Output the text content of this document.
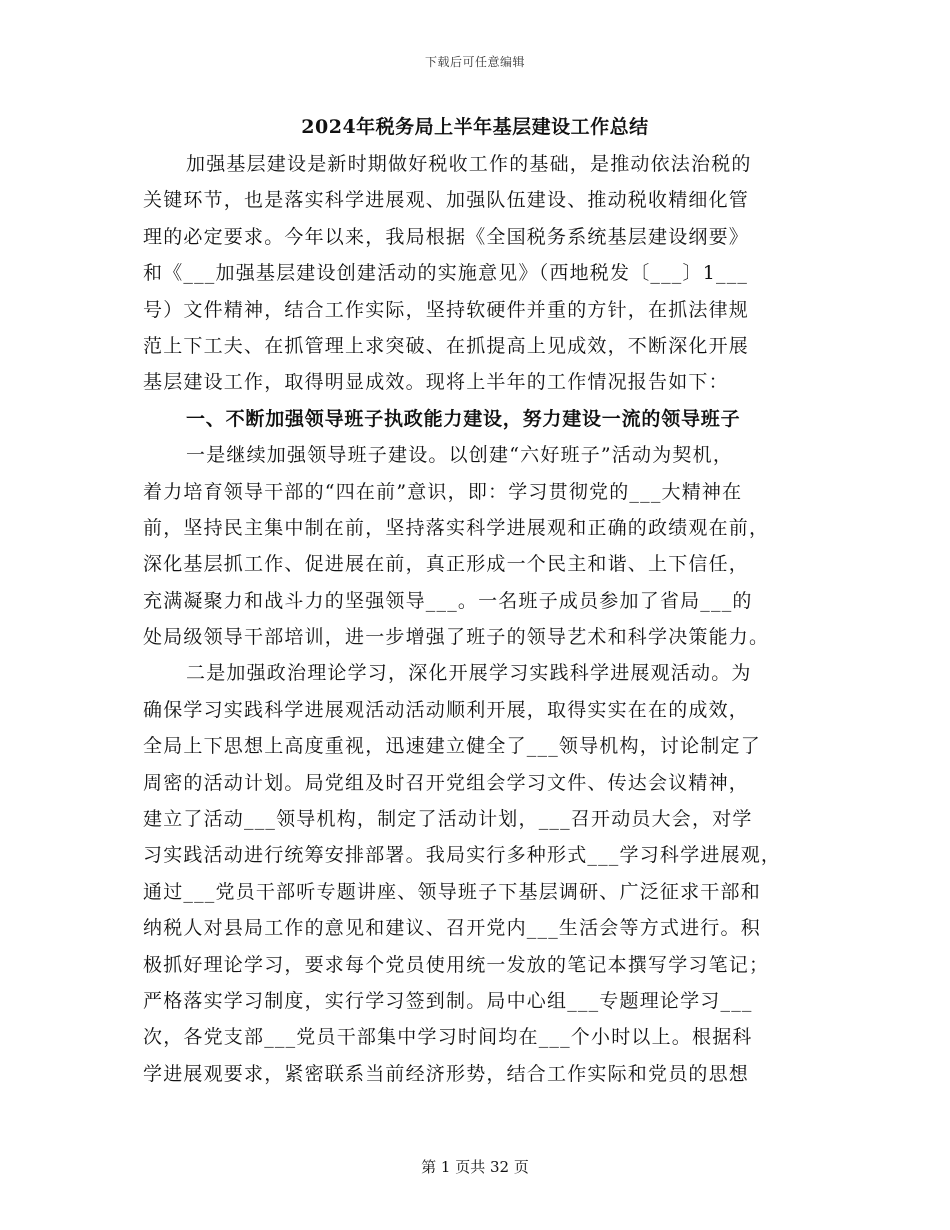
下载后可任意编辑
2024年税务局上半年基层建设工作总结
加强基层建设是新时期做好税收工作的基础，是推动依法治税的
关键环节，也是落实科学进展观、加强队伍建设、推动税收精细化管
理的必定要求。今年以来，我局根据《全国税务系统基层建设纲要》
和《___加强基层建设创建活动的实施意见》（西地税发〔___〕1___
号）文件精神，结合工作实际，坚持软硬件并重的方针，在抓法律规
范上下工夫、在抓管理上求突破、在抓提高上见成效，不断深化开展
基层建设工作，取得明显成效。现将上半年的工作情况报告如下：
一、不断加强领导班子执政能力建设，努力建设一流的领导班子
一是继续加强领导班子建设。以创建“六好班子”活动为契机，
着力培育领导干部的“四在前”意识，即：学习贯彻党的___大精神在
前，坚持民主集中制在前，坚持落实科学进展观和正确的政绩观在前，
深化基层抓工作、促进展在前，真正形成一个民主和谐、上下信任，
充满凝聚力和战斗力的坚强领导___。一名班子成员参加了省局___的
处局级领导干部培训，进一步增强了班子的领导艺术和科学决策能力。
二是加强政治理论学习，深化开展学习实践科学进展观活动。为
确保学习实践科学进展观活动活动顺利开展，取得实实在在的成效，
全局上下思想上高度重视，迅速建立健全了___领导机构，讨论制定了
周密的活动计划。局党组及时召开党组会学习文件、传达会议精神，
建立了活动___领导机构，制定了活动计划，___召开动员大会，对学
习实践活动进行统筹安排部署。我局实行多种形式___学习科学进展观，
通过___党员干部听专题讲座、领导班子下基层调研、广泛征求干部和
纳税人对县局工作的意见和建议、召开党内___生活会等方式进行。积
极抓好理论学习，要求每个党员使用统一发放的笔记本撰写学习笔记；
严格落实学习制度，实行学习签到制。局中心组___专题理论学习___
次，各党支部___党员干部集中学习时间均在___个小时以上。根据科
学进展观要求，紧密联系当前经济形势，结合工作实际和党员的思想
第 1 页共 32 页
